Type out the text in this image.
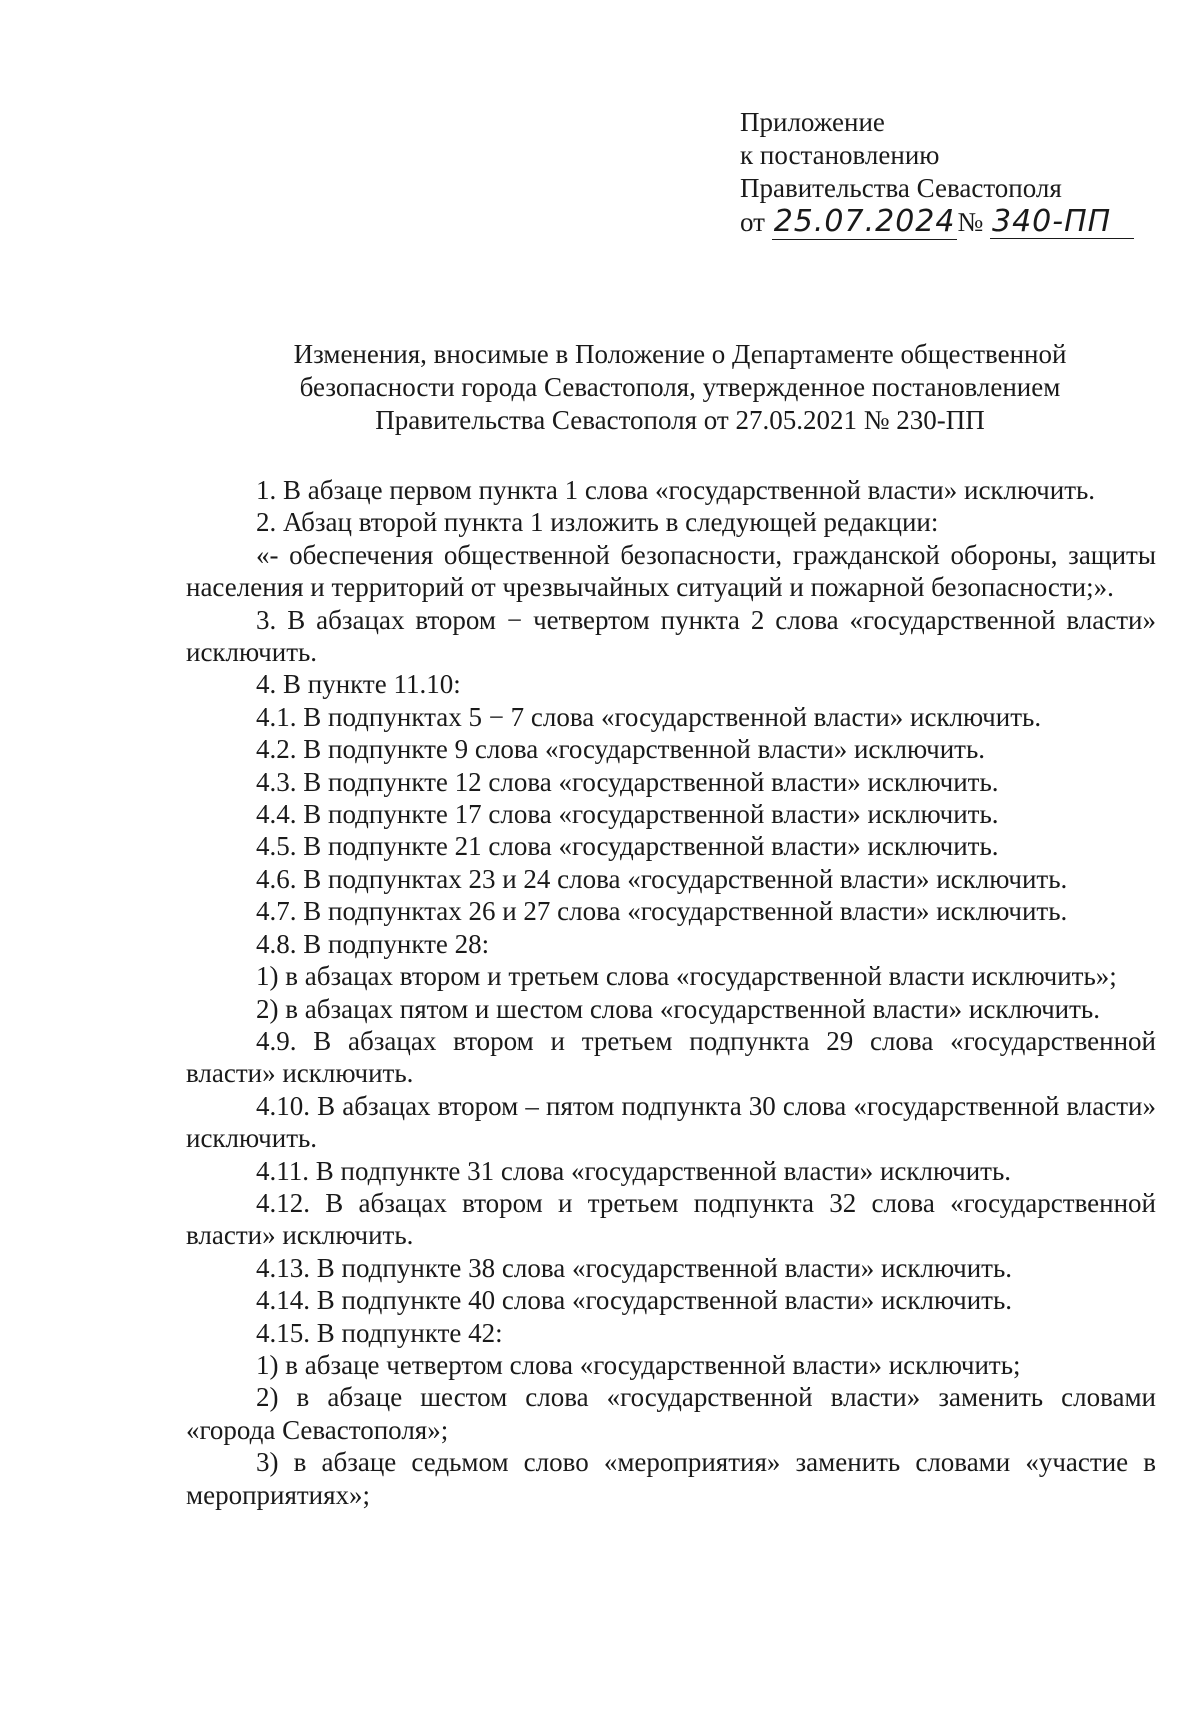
Приложение
к постановлению
Правительства Севастополя
от 25.07.2024№ 340-ПП
Изменения, вносимые в Положение о Департаменте общественной
безопасности города Севастополя, утвержденное постановлением
Правительства Севастополя от 27.05.2021 № 230-ПП

1. В абзаце первом пункта 1 слова «государственной власти» исключить.

2. Абзац второй пункта 1 изложить в следующей редакции:

«- обеспечения общественной безопасности, гражданской обороны, защиты населения и территорий от чрезвычайных ситуаций и пожарной безопасности;».

3. В абзацах втором − четвертом пункта 2 слова «государственной власти» исключить.

4. В пункте 11.10:

4.1. В подпунктах 5 − 7 слова «государственной власти» исключить.

4.2. В подпункте 9 слова «государственной власти» исключить.

4.3. В подпункте 12 слова «государственной власти» исключить.

4.4. В подпункте 17 слова «государственной власти» исключить.

4.5. В подпункте 21 слова «государственной власти» исключить.

4.6. В подпунктах 23 и 24 слова «государственной власти» исключить.

4.7. В подпунктах 26 и 27 слова «государственной власти» исключить.

4.8. В подпункте 28:

1) в абзацах втором и третьем слова «государственной власти исключить»;

2) в абзацах пятом и шестом слова «государственной власти» исключить.

4.9. В абзацах втором и третьем подпункта 29 слова «государственной власти» исключить.

4.10. В абзацах втором – пятом подпункта 30 слова «государственной власти» исключить.

4.11. В подпункте 31 слова «государственной власти» исключить.

4.12. В абзацах втором и третьем подпункта 32 слова «государственной власти» исключить.

4.13. В подпункте 38 слова «государственной власти» исключить.

4.14. В подпункте 40 слова «государственной власти» исключить.

4.15. В подпункте 42:

1) в абзаце четвертом слова «государственной власти» исключить;

2) в абзаце шестом слова «государственной власти» заменить словами «города Севастополя»;

3) в абзаце седьмом слово «мероприятия» заменить словами «участие в мероприятиях»;
